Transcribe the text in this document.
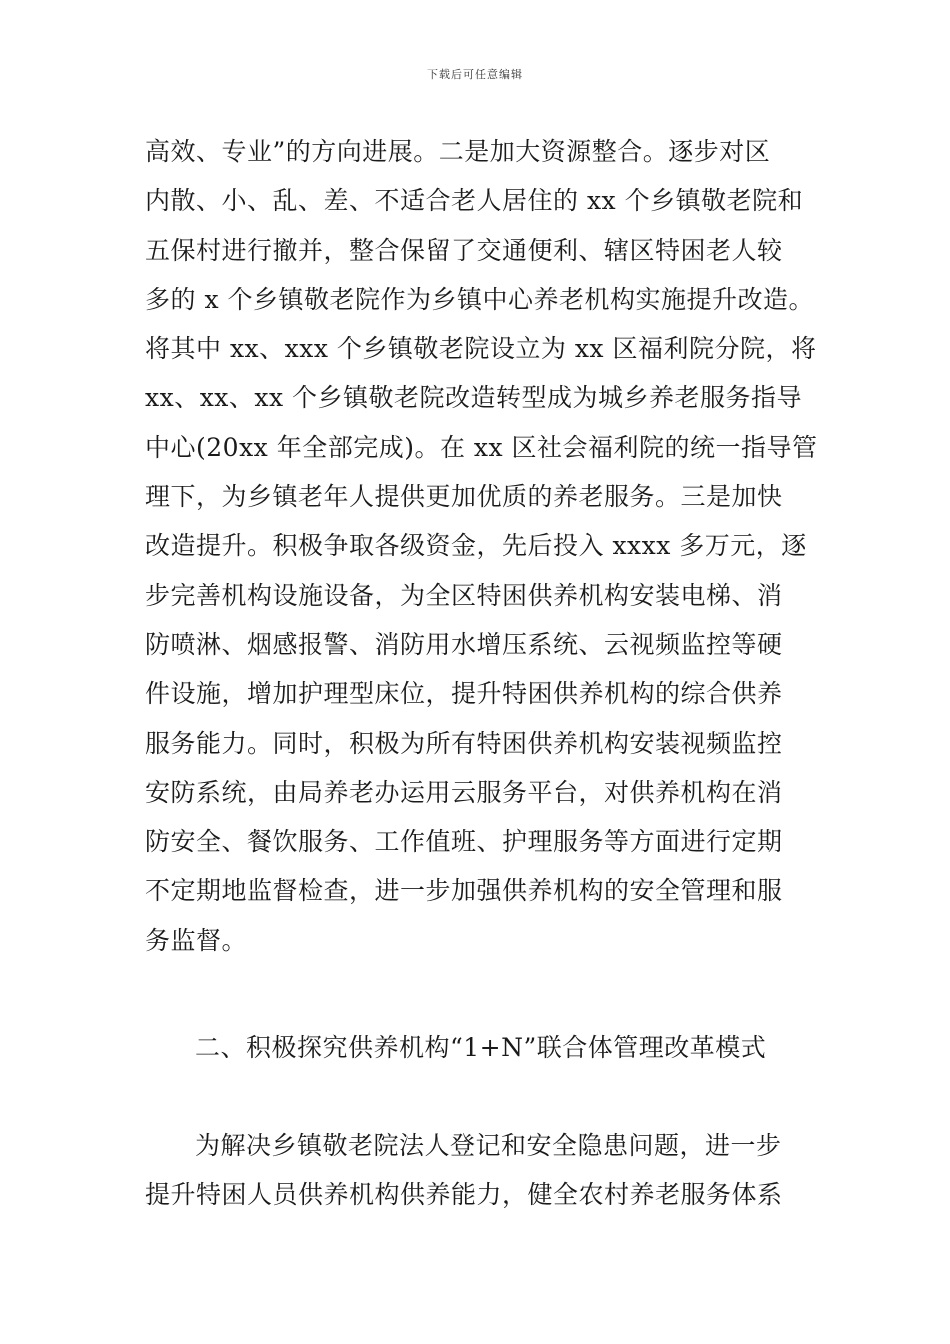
下载后可任意编辑
高效、专业”的方向进展。二是加大资源整合。逐步对区
内散、小、乱、差、不适合老人居住的 xx 个乡镇敬老院和
五保村进行撤并，整合保留了交通便利、辖区特困老人较
多的 x 个乡镇敬老院作为乡镇中心养老机构实施提升改造。
将其中 xx、xxx 个乡镇敬老院设立为 xx 区福利院分院，将
xx、xx、xx 个乡镇敬老院改造转型成为城乡养老服务指导
中心(20xx 年全部完成)。在 xx 区社会福利院的统一指导管
理下，为乡镇老年人提供更加优质的养老服务。三是加快
改造提升。积极争取各级资金，先后投入 xxxx 多万元，逐
步完善机构设施设备，为全区特困供养机构安装电梯、消
防喷淋、烟感报警、消防用水增压系统、云视频监控等硬
件设施，增加护理型床位，提升特困供养机构的综合供养
服务能力。同时，积极为所有特困供养机构安装视频监控
安防系统，由局养老办运用云服务平台，对供养机构在消
防安全、餐饮服务、工作值班、护理服务等方面进行定期
不定期地监督检查，进一步加强供养机构的安全管理和服
务监督。
二、积极探究供养机构“1+N”联合体管理改革模式
为解决乡镇敬老院法人登记和安全隐患问题，进一步
提升特困人员供养机构供养能力，健全农村养老服务体系
